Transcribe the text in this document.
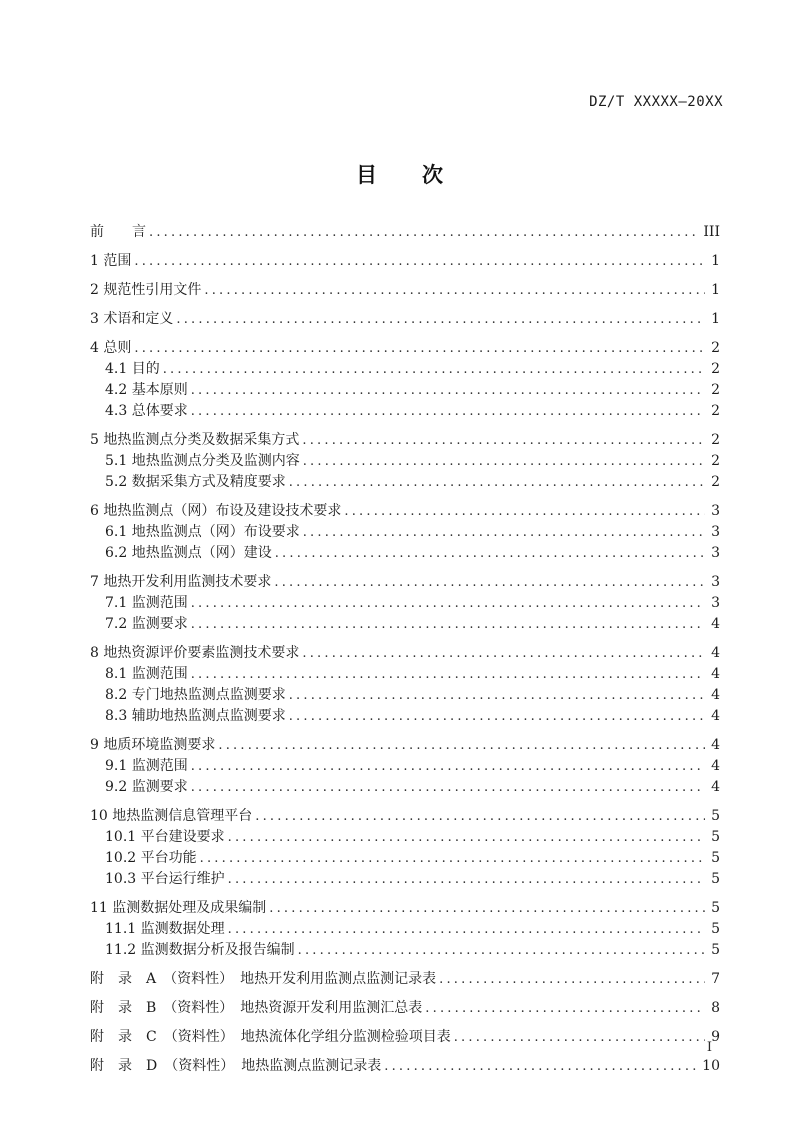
DZ/T XXXXX—20XX
目　　次
前　　言 .....	III
1 范围 .....	1
2 规范性引用文件 .....	1
3 术语和定义 .....	1
4 总则 .....	2
4.1 目的 .....	2
4.2 基本原则 .....	2
4.3 总体要求 .....	2
5 地热监测点分类及数据采集方式 .....	2
5.1 地热监测点分类及监测内容 .....	2
5.2 数据采集方式及精度要求 .....	2
6 地热监测点（网）布设及建设技术要求 .....	3
6.1 地热监测点（网）布设要求 .....	3
6.2 地热监测点（网）建设 .....	3
7 地热开发利用监测技术要求 .....	3
7.1 监测范围 .....	3
7.2 监测要求 .....	4
8 地热资源评价要素监测技术要求 .....	4
8.1 监测范围 .....	4
8.2 专门地热监测点监测要求 .....	4
8.3 辅助地热监测点监测要求 .....	4
9 地质环境监测要求 .....	4
9.1 监测范围 .....	4
9.2 监测要求 .....	4
10 地热监测信息管理平台 .....	5
10.1 平台建设要求 .....	5
10.2 平台功能 .....	5
10.3 平台运行维护 .....	5
11 监测数据处理及成果编制 .....	5
11.1 监测数据处理 .....	5
11.2 监测数据分析及报告编制 .....	5
附　录　A　（资料性）　地热开发利用监测点监测记录表 .....	7
附　录　B　（资料性）　地热资源开发利用监测汇总表 .....	8
附　录　C　（资料性）　地热流体化学组分监测检验项目表 .....	9
附　录　D　（资料性）　地热监测点监测记录表 .....	10
I
